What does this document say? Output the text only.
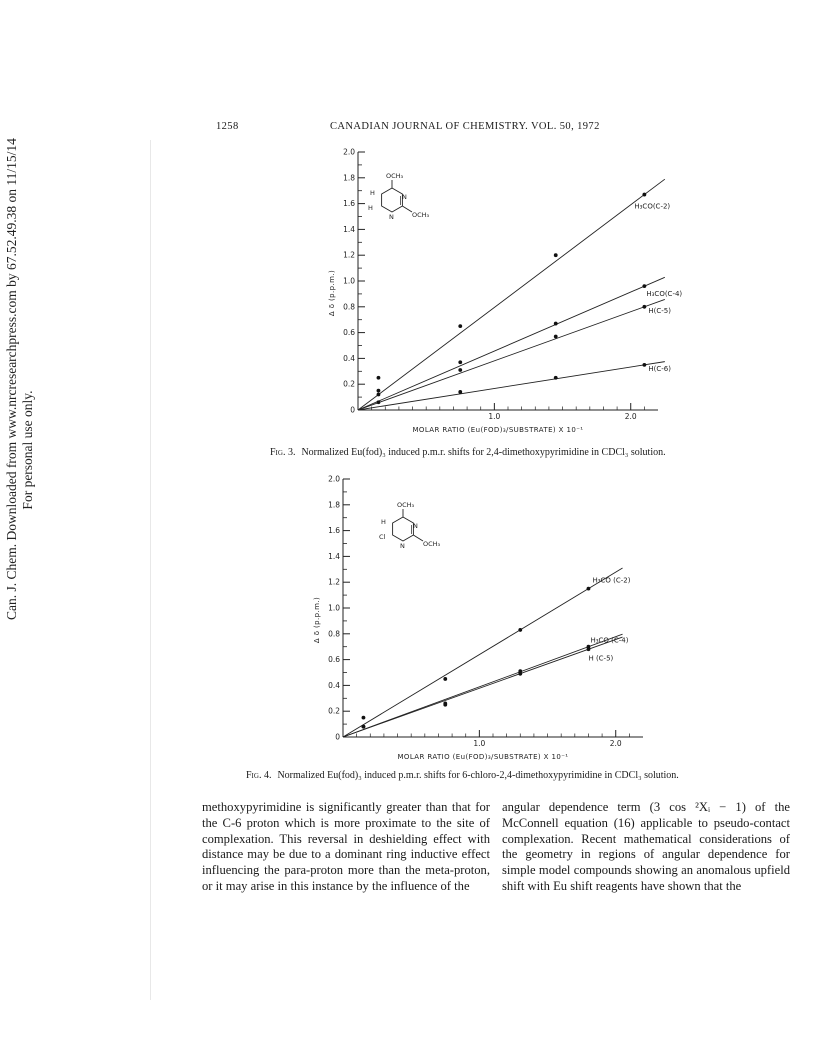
Can. J. Chem. Downloaded from www.nrcresearchpress.com by 67.52.49.38 on 11/15/14 For personal use only.
1258	CANADIAN JOURNAL OF CHEMISTRY. VOL. 50, 1972
0
0.2
0.4
0.6
0.8
1.0
1.2
1.4
1.6
1.8
2.0
1.0	2.0
MOLAR RATIO (Eu(FOD)₃/SUBSTRATE) X 10⁻¹
Δ δ (p.p.m.)
H₃CO(C-2)
H₃CO(C-4)
H(C-5)
H(C-6)
OCH₃
N
N
H
H
OCH₃
Fig. 3. Normalized Eu(fod)₃ induced p.m.r. shifts for 2,4-dimethoxypyrimidine in CDCl₃ solution.
0
0.2
0.4
0.6
0.8
1.0
1.2
1.4
1.6
1.8
2.0
1.0	2.0
MOLAR RATIO (Eu(FOD)₃/SUBSTRATE) X 10⁻¹
Δ δ (p.p.m.)
H₃CO (C-2)
H₃CO (C-4)
H (C-5)
OCH₃
N
N
H
Cl
OCH₃
Fig. 4. Normalized Eu(fod)₃ induced p.m.r. shifts for 6-chloro-2,4-dimethoxypyrimidine in CDCl₃ solution.

methoxypyrimidine is significantly greater than that for the C-6 proton which is more proximate to the site of complexation. This reversal in deshielding effect with distance may be due to a dominant ring inductive effect influencing the para-proton more than the meta-proton, or it may arise in this instance by the influence of the

angular dependence term (3 cos ²Xᵢ − 1) of the McConnell equation (16) applicable to pseudo-contact complexation. Recent mathematical considerations of the geometry in regions of angular dependence for simple model compounds showing an anomalous upfield shift with Eu shift reagents have shown that the
